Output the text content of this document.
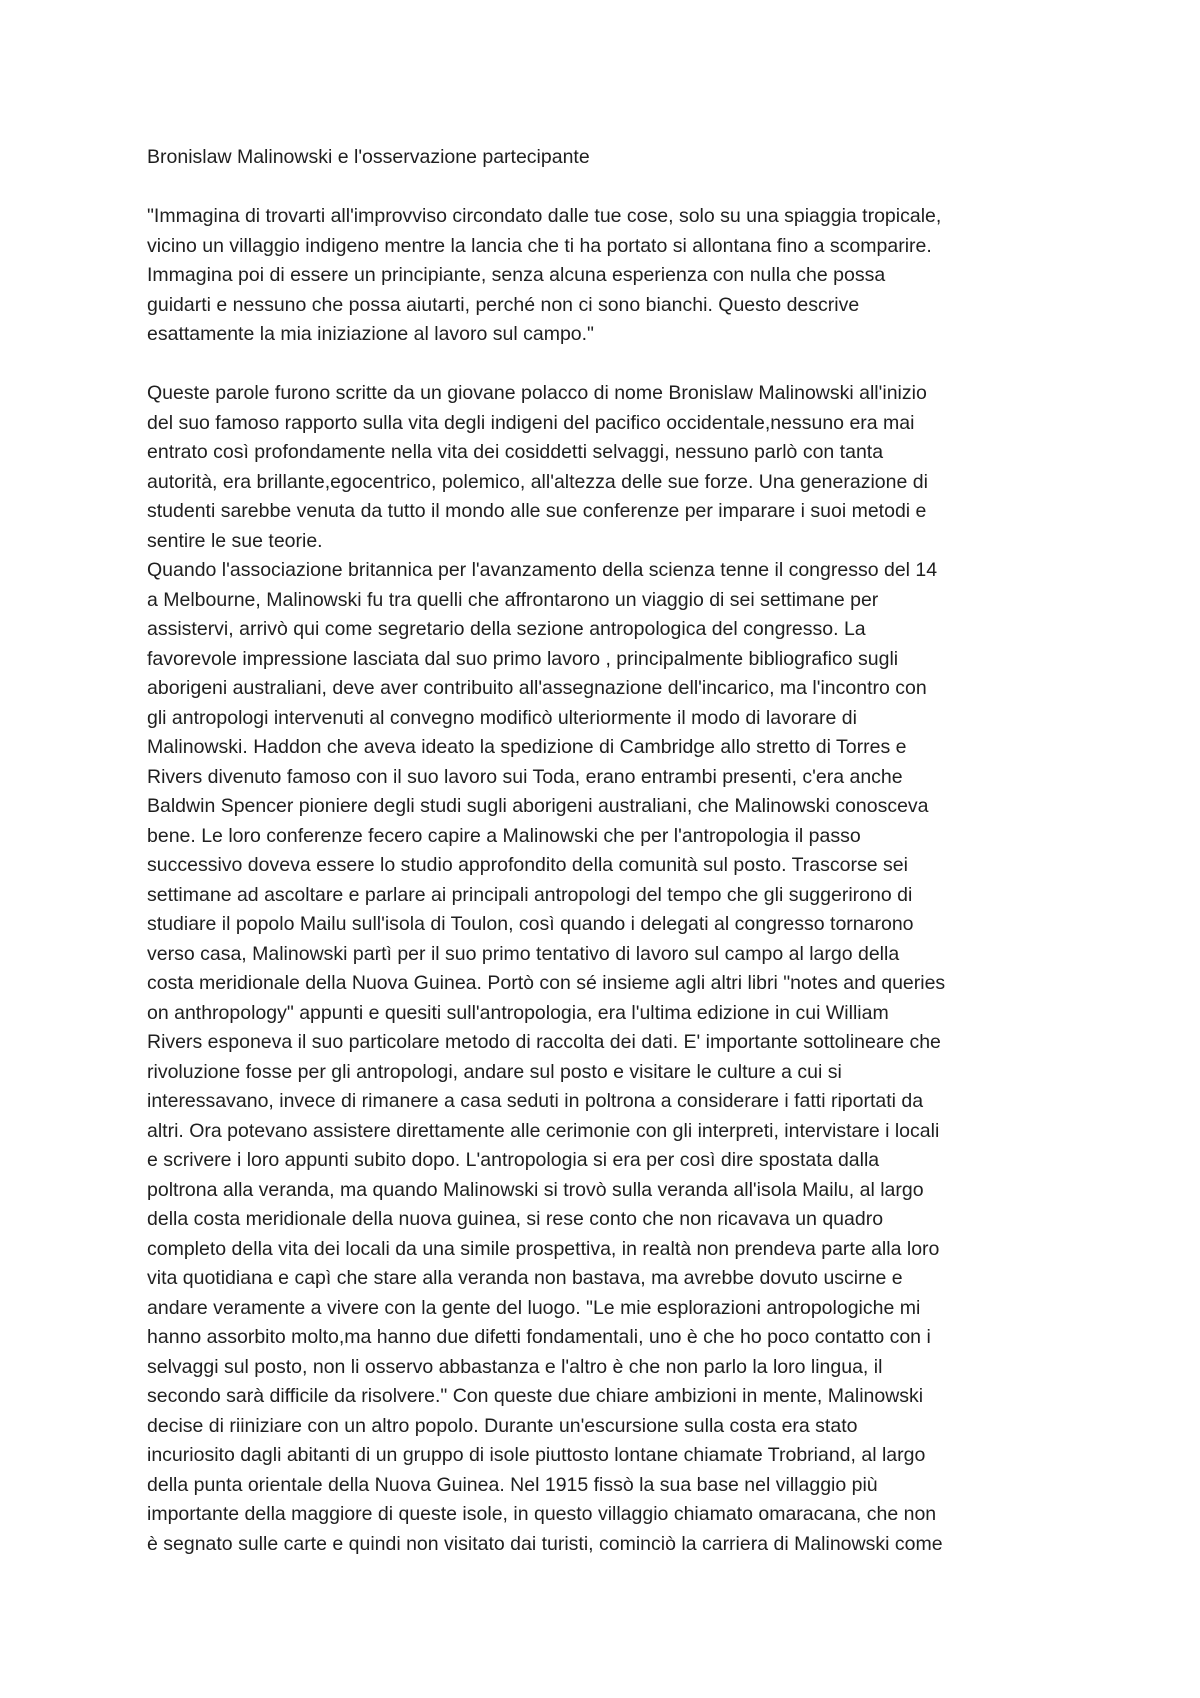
Bronislaw Malinowski e l'osservazione partecipante
"Immagina di trovarti all'improvviso circondato dalle tue cose, solo su una spiaggia tropicale,
vicino un villaggio indigeno mentre la lancia che ti ha portato si allontana fino a scomparire.
Immagina poi di essere un principiante, senza alcuna esperienza con nulla che possa
guidarti e nessuno che possa aiutarti, perché non ci sono bianchi. Questo descrive
esattamente la mia iniziazione al lavoro sul campo."
Queste parole furono scritte da un giovane polacco di nome Bronislaw Malinowski all'inizio
del suo famoso rapporto sulla vita degli indigeni del pacifico occidentale,nessuno era mai
entrato così profondamente nella vita dei cosiddetti selvaggi, nessuno parlò con tanta
autorità, era brillante,egocentrico, polemico, all'altezza delle sue forze. Una generazione di
studenti sarebbe venuta da tutto il mondo alle sue conferenze per imparare i suoi metodi e
sentire le sue teorie.
Quando l'associazione britannica per l'avanzamento della scienza tenne il congresso del 14
a Melbourne, Malinowski fu tra quelli che affrontarono un viaggio di sei settimane per
assistervi, arrivò qui come segretario della sezione antropologica del congresso. La
favorevole impressione lasciata dal suo primo lavoro , principalmente bibliografico sugli
aborigeni australiani, deve aver contribuito all'assegnazione dell'incarico, ma l'incontro con
gli antropologi intervenuti al convegno modificò ulteriormente il modo di lavorare di
Malinowski. Haddon che aveva ideato la spedizione di Cambridge allo stretto di Torres e
Rivers divenuto famoso con il suo lavoro sui Toda, erano entrambi presenti, c'era anche
Baldwin Spencer pioniere degli studi sugli aborigeni australiani, che Malinowski conosceva
bene. Le loro conferenze fecero capire a Malinowski che per l'antropologia il passo
successivo doveva essere lo studio approfondito della comunità sul posto. Trascorse sei
settimane ad ascoltare e parlare ai principali antropologi del tempo che gli suggerirono di
studiare il popolo Mailu sull'isola di Toulon, così quando i delegati al congresso tornarono
verso casa, Malinowski partì per il suo primo tentativo di lavoro sul campo al largo della
costa meridionale della Nuova Guinea. Portò con sé insieme agli altri libri "notes and queries
on anthropology" appunti e quesiti sull'antropologia, era l'ultima edizione in cui William
Rivers esponeva il suo particolare metodo di raccolta dei dati. E' importante sottolineare che
rivoluzione fosse per gli antropologi, andare sul posto e visitare le culture a cui si
interessavano, invece di rimanere a casa seduti in poltrona a considerare i fatti riportati da
altri. Ora potevano assistere direttamente alle cerimonie con gli interpreti, intervistare i locali
e scrivere i loro appunti subito dopo. L'antropologia si era per così dire spostata dalla
poltrona alla veranda, ma quando Malinowski si trovò sulla veranda all'isola Mailu, al largo
della costa meridionale della nuova guinea, si rese conto che non ricavava un quadro
completo della vita dei locali da una simile prospettiva, in realtà non prendeva parte alla loro
vita quotidiana e capì che stare alla veranda non bastava, ma avrebbe dovuto uscirne e
andare veramente a vivere con la gente del luogo. "Le mie esplorazioni antropologiche mi
hanno assorbito molto,ma hanno due difetti fondamentali, uno è che ho poco contatto con i
selvaggi sul posto, non li osservo abbastanza e l'altro è che non parlo la loro lingua, il
secondo sarà difficile da risolvere." Con queste due chiare ambizioni in mente, Malinowski
decise di riiniziare con un altro popolo. Durante un'escursione sulla costa era stato
incuriosito dagli abitanti di un gruppo di isole piuttosto lontane chiamate Trobriand, al largo
della punta orientale della Nuova Guinea. Nel 1915 fissò la sua base nel villaggio più
importante della maggiore di queste isole, in questo villaggio chiamato omaracana, che non
è segnato sulle carte e quindi non visitato dai turisti, cominciò la carriera di Malinowski come
